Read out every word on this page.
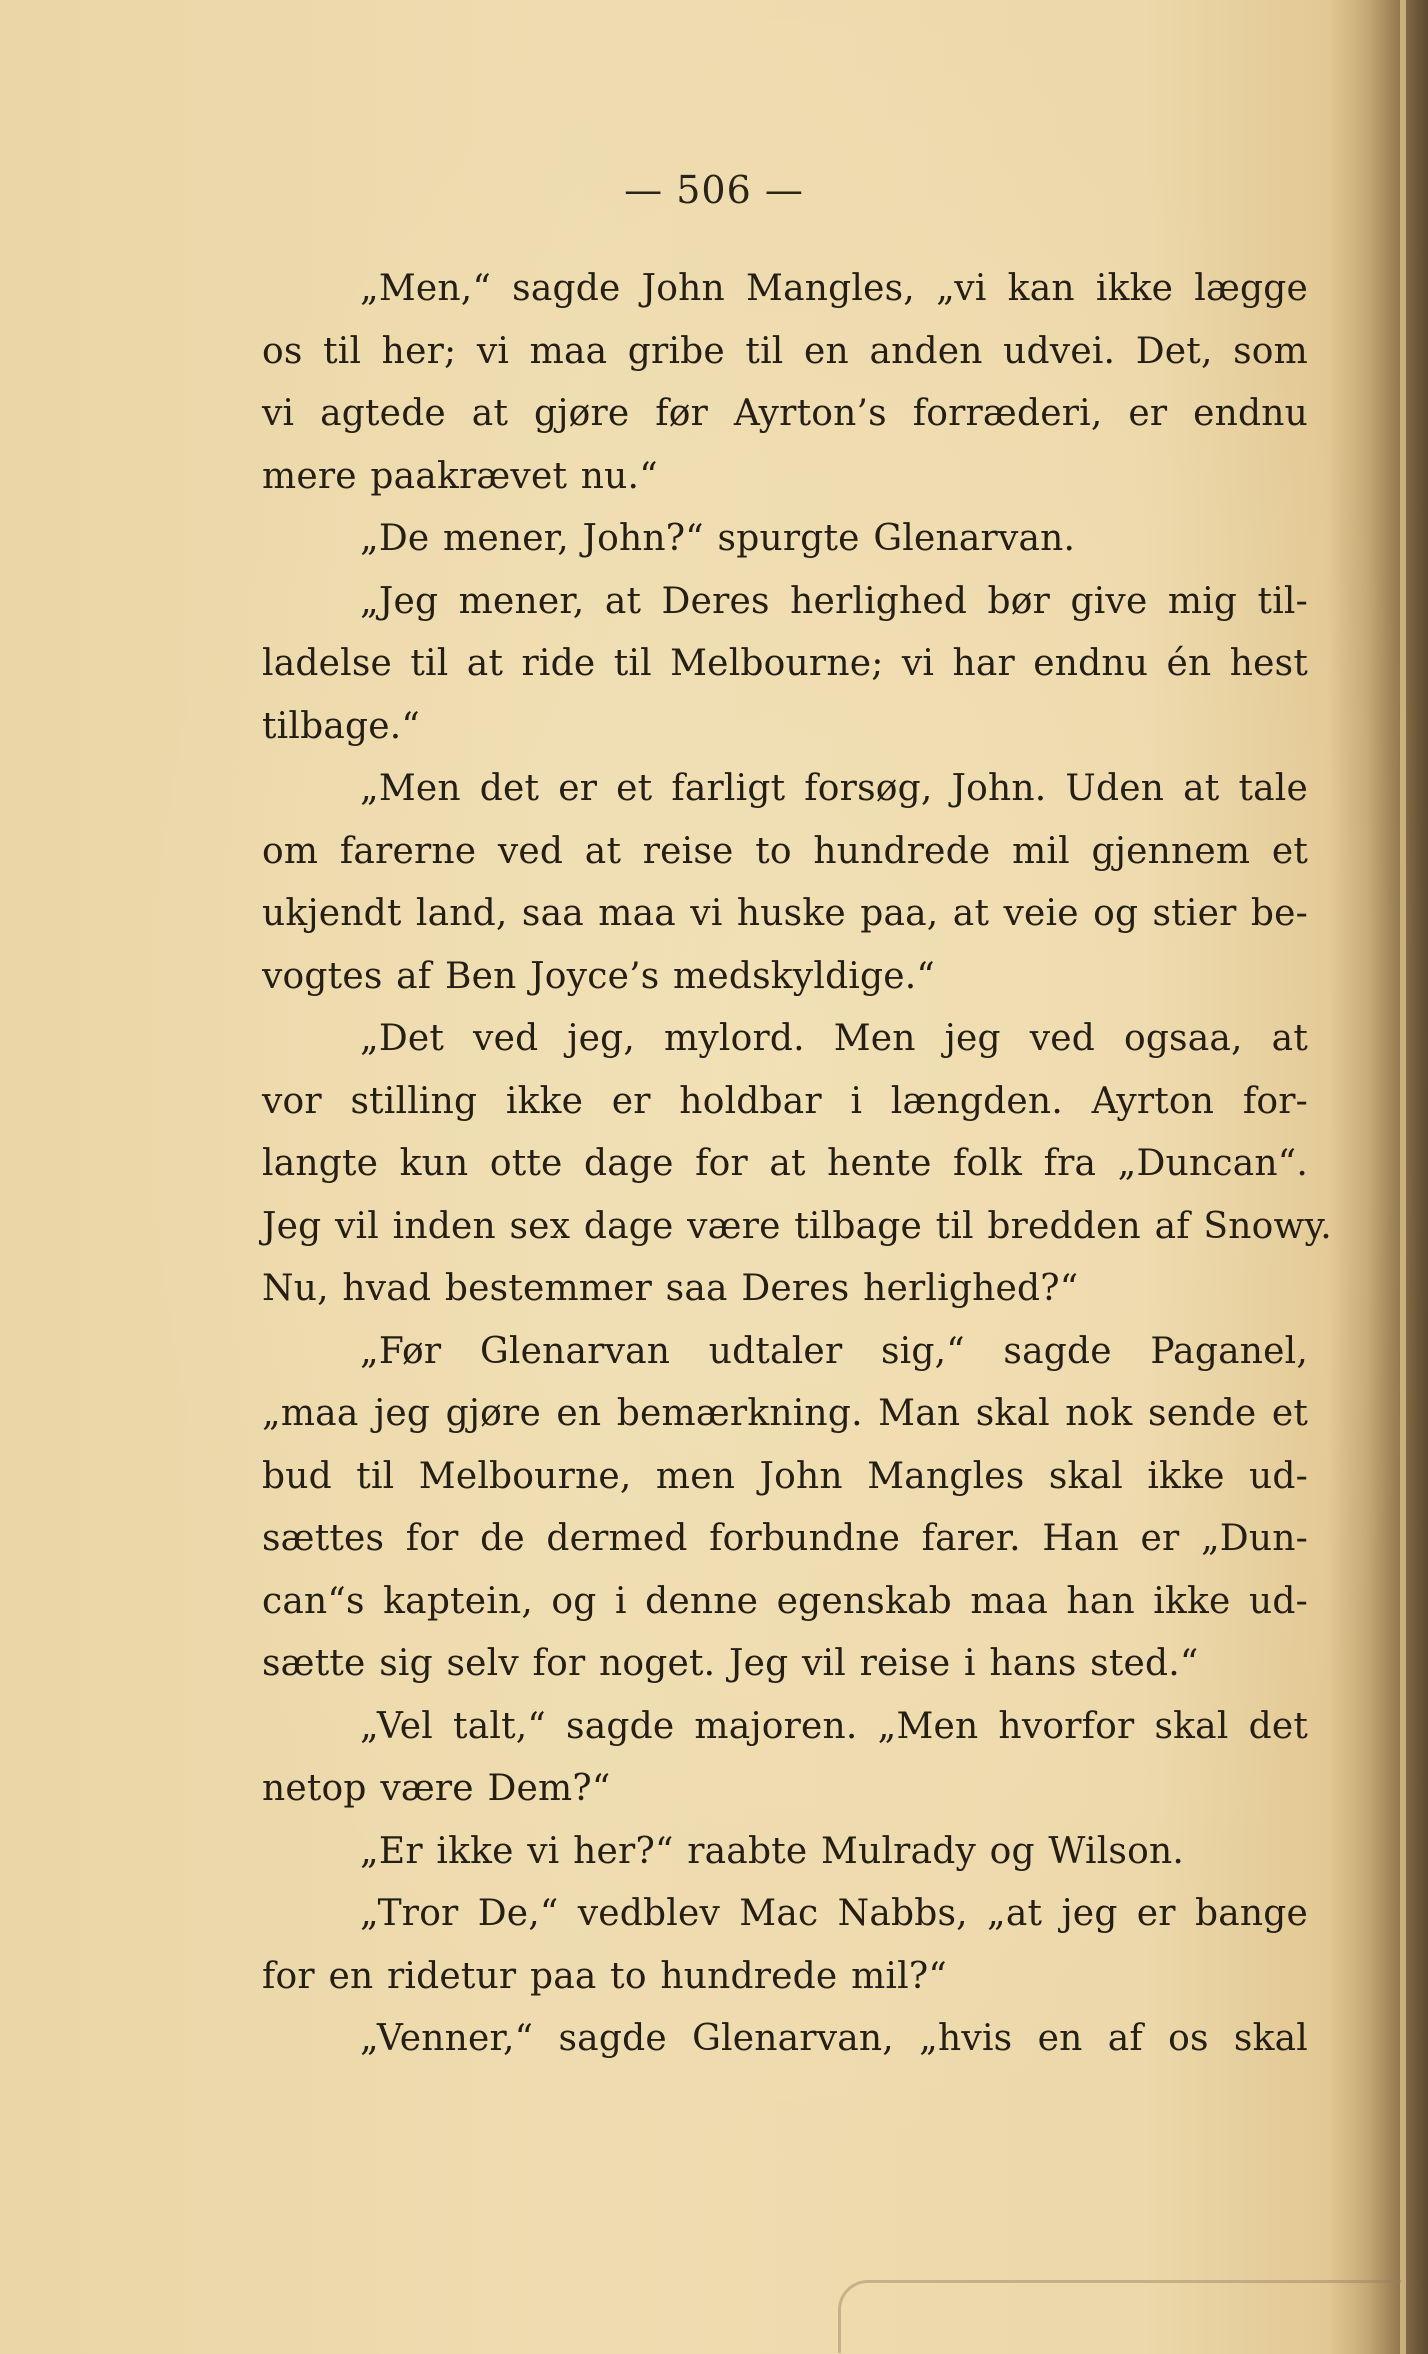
— 506 —
„Men,“ sagde John Mangles, „vi kan ikke lægge
os til her; vi maa gribe til en anden udvei. Det, som
vi agtede at gjøre før Ayrton’s forræderi, er endnu
mere paakrævet nu.“
„De mener, John?“ spurgte Glenarvan.
„Jeg mener, at Deres herlighed bør give mig til-
ladelse til at ride til Melbourne; vi har endnu én hest
tilbage.“
„Men det er et farligt forsøg, John. Uden at tale
om farerne ved at reise to hundrede mil gjennem et
ukjendt land, saa maa vi huske paa, at veie og stier be-
vogtes af Ben Joyce’s medskyldige.“
„Det ved jeg, mylord. Men jeg ved ogsaa, at
vor stilling ikke er holdbar i længden. Ayrton for-
langte kun otte dage for at hente folk fra „Duncan“.
Jeg vil inden sex dage være tilbage til bredden af Snowy.
Nu, hvad bestemmer saa Deres herlighed?“
„Før Glenarvan udtaler sig,“ sagde Paganel,
„maa jeg gjøre en bemærkning. Man skal nok sende et
bud til Melbourne, men John Mangles skal ikke ud-
sættes for de dermed forbundne farer. Han er „Dun-
can“s kaptein, og i denne egenskab maa han ikke ud-
sætte sig selv for noget. Jeg vil reise i hans sted.“
„Vel talt,“ sagde majoren. „Men hvorfor skal det
netop være Dem?“
„Er ikke vi her?“ raabte Mulrady og Wilson.
„Tror De,“ vedblev Mac Nabbs, „at jeg er bange
for en ridetur paa to hundrede mil?“
„Venner,“ sagde Glenarvan, „hvis en af os skal
